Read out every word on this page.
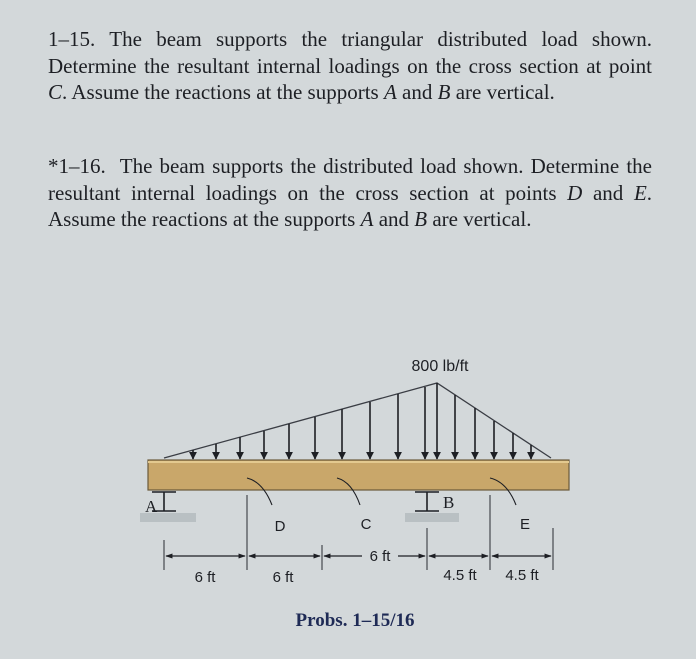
1–15. The beam supports the triangular distributed load shown. Determine the resultant internal loadings on the cross section at point C. Assume the reactions at the supports A and B are vertical.
*1–16. The beam supports the distributed load shown. Determine the resultant internal loadings on the cross section at points D and E. Assume the reactions at the supports A and B are vertical.
800 lb/ft
A	B
D	C	E
6 ft	6 ft
6 ft
4.5 ft 4.5 ft
Probs. 1–15/16
